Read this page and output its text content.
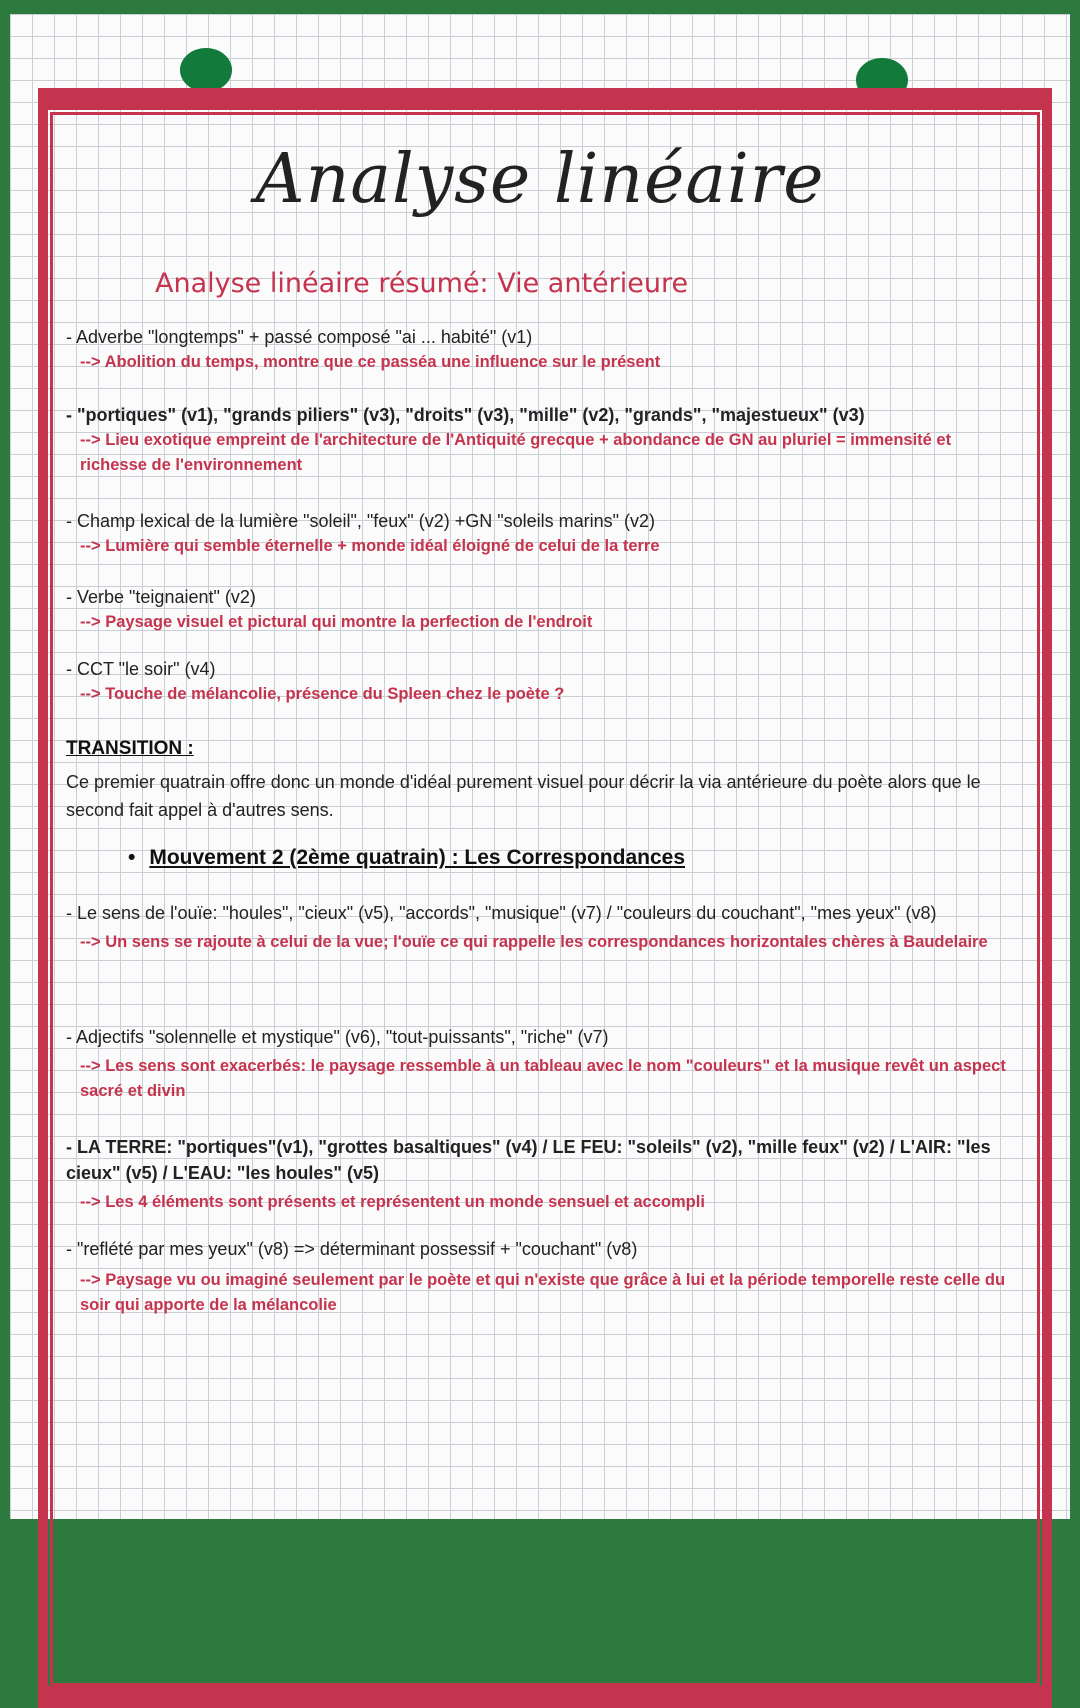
Analyse linéaire
Analyse linéaire résumé: Vie antérieure
- Adverbe "longtemps" + passé composé "ai ... habité" (v1)
--> Abolition du temps, montre que ce passéa une influence sur le présent
- "portiques" (v1), "grands piliers" (v3), "droits" (v3), "mille" (v2), "grands", "majestueux" (v3)
--> Lieu exotique empreint de l'architecture de l'Antiquité grecque + abondance de GN au pluriel = immensité et richesse de l'environnement
- Champ lexical de la lumière "soleil", "feux" (v2) +GN "soleils marins" (v2)
--> Lumière qui semble éternelle + monde idéal éloigné de celui de la terre
- Verbe "teignaient" (v2)
--> Paysage visuel et pictural qui montre la perfection de l'endroit
- CCT "le soir" (v4)
--> Touche de mélancolie, présence du Spleen chez le poète ?
TRANSITION :
Ce premier quatrain offre donc un monde d'idéal purement visuel pour décrir la via antérieure du poète alors que le second fait appel à d'autres sens.
• Mouvement 2 (2ème quatrain) : Les Correspondances
- Le sens de l'ouïe: "houles", "cieux" (v5), "accords", "musique" (v7) / "couleurs du couchant", "mes yeux" (v8)
--> Un sens se rajoute à celui de la vue; l'ouïe ce qui rappelle les correspondances horizontales chères à Baudelaire
- Adjectifs "solennelle et mystique" (v6), "tout-puissants", "riche" (v7)
--> Les sens sont exacerbés: le paysage ressemble à un tableau avec le nom "couleurs" et la musique revêt un aspect sacré et divin
- LA TERRE: "portiques"(v1), "grottes basaltiques" (v4) / LE FEU: "soleils" (v2), "mille feux" (v2) / L'AIR: "les cieux" (v5) / L'EAU: "les houles" (v5)
--> Les 4 éléments sont présents et représentent un monde sensuel et accompli
- "reflété par mes yeux" (v8) => déterminant possessif + "couchant" (v8)
--> Paysage vu ou imaginé seulement par le poète et qui n'existe que grâce à lui et la période temporelle reste celle du soir qui apporte de la mélancolie
